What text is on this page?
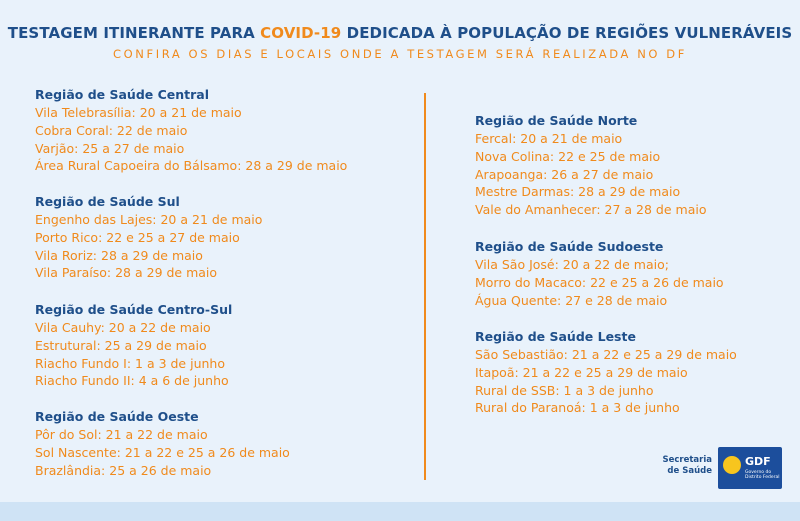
TESTAGEM ITINERANTE PARA COVID-19 DEDICADA À POPULAÇÃO DE REGIÕES VULNERÁVEIS
CONFIRA OS DIAS E LOCAIS ONDE A TESTAGEM SERÁ REALIZADA NO DF
Região de Saúde Central
Vila Telebrasília: 20 a 21 de maio
Cobra Coral: 22 de maio
Varjão: 25 a 27 de maio
Área Rural Capoeira do Bálsamo: 28 a 29 de maio
Região de Saúde Sul
Engenho das Lajes: 20 a 21 de maio
Porto Rico: 22 e 25 a 27 de maio
Vila Roriz: 28 a 29 de maio
Vila Paraíso: 28 a 29 de maio
Região de Saúde Centro-Sul
Vila Cauhy: 20 a 22 de maio
Estrutural: 25 a 29 de maio
Riacho Fundo I: 1 a 3 de junho
Riacho Fundo II: 4 a 6 de junho
Região de Saúde Oeste
Pôr do Sol: 21 a 22 de maio
Sol Nascente: 21 a 22 e 25 a 26 de maio
Brazlândia: 25 a 26 de maio
Região de Saúde Norte
Fercal: 20 a 21 de maio
Nova Colina: 22 e 25 de maio
Arapoanga: 26 a 27 de maio
Mestre Darmas: 28 a 29 de maio
Vale do Amanhecer: 27 a 28 de maio
Região de Saúde Sudoeste
Vila São José: 20 a 22 de maio;
Morro do Macaco: 22 e 25 a 26 de maio
Água Quente: 27 e 28 de maio
Região de Saúde Leste
São Sebastião: 21 a 22 e 25 a 29 de maio
Itapoã: 21 a 22 e 25 a 29 de maio
Rural de SSB: 1 a 3 de junho
Rural do Paranoá: 1 a 3 de junho
Secretaria
de Saúde
GDF
Governo do Distrito Federal
